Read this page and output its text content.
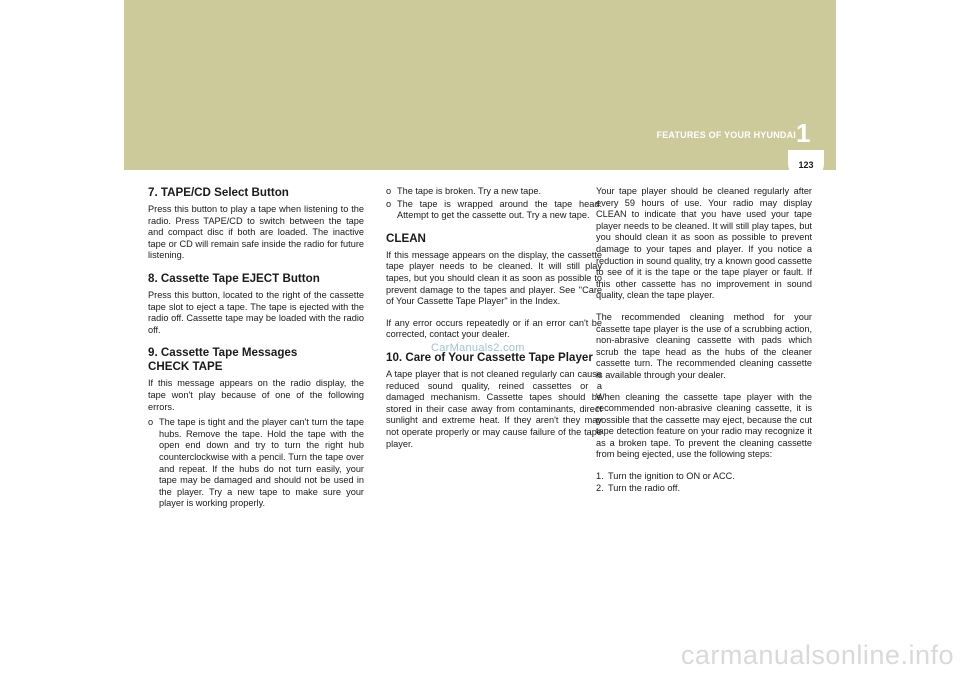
FEATURES OF YOUR HYUNDAI 1
123
7. TAPE/CD Select Button

Press this button to play a tape when listening to the radio. Press TAPE/CD to switch between the tape and compact disc if both are loaded. The inactive tape or CD will remain safe inside the radio for future listening.

8. Cassette Tape EJECT Button

Press this button, located to the right of the cassette tape slot to eject a tape. The tape is ejected with the radio off. Cassette tape may be loaded with the radio off.

9. Cassette Tape Messages
CHECK TAPE

If this message appears on the radio display, the tape won't play because of one of the following errors.

o The tape is tight and the player can't turn the tape hubs. Remove the tape. Hold the tape with the open end down and try to turn the right hub counterclockwise with a pencil. Turn the tape over and repeat. If the hubs do not turn easily, your tape may be damaged and should not be used in the player. Try a new tape to make sure your player is working properly.
o The tape is broken. Try a new tape.
o The tape is wrapped around the tape head. Attempt to get the cassette out. Try a new tape.
CLEAN

If this message appears on the display, the cassette tape player needs to be cleaned. It will still play tapes, but you should clean it as soon as possible to prevent damage to the tapes and player. See "Care of Your Cassette Tape Player" in the Index.

If any error occurs repeatedly or if an error can't be corrected, contact your dealer.

10. Care of Your Cassette Tape Player

A tape player that is not cleaned regularly can cause reduced sound quality, reined cassettes or a damaged mechanism. Cassette tapes should be stored in their case away from contaminants, direct sunlight and extreme heat. If they aren't they may not operate properly or may cause failure of the tape player.

Your tape player should be cleaned regularly after every 59 hours of use. Your radio may display CLEAN to indicate that you have used your tape player needs to be cleaned. It will still play tapes, but you should clean it as soon as possible to prevent damage to your tapes and player. If you notice a reduction in sound quality, try a known good cassette to see of it is the tape or the tape player or fault. If this other cassette has no improvement in sound quality, clean the tape player.

The recommended cleaning method for your cassette tape player is the use of a scrubbing action, non-abrasive cleaning cassette with pads which scrub the tape head as the hubs of the cleaner cassette turn. The recommended cleaning cassette is available through your dealer.

When cleaning the cassette tape player with the recommended non-abrasive cleaning cassette, it is possible that the cassette may eject, because the cut tape detection feature on your radio may recognize it as a broken tape. To prevent the cleaning cassette from being ejected, use the following steps:

1. Turn the ignition to ON or ACC.
2. Turn the radio off.
CarManuals2.com
carmanualsonline.info
